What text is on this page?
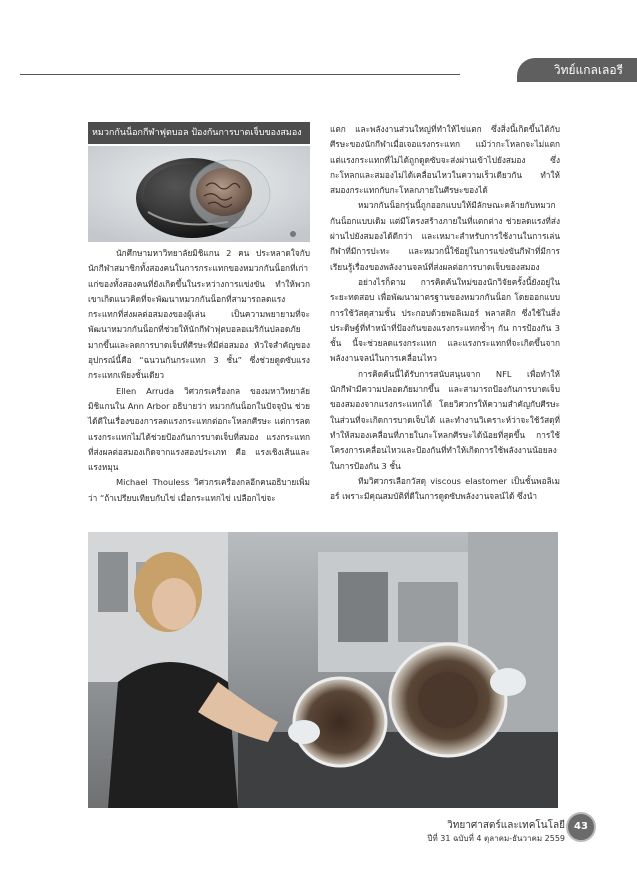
วิทย์แกลเลอรี
หมวกกันน็อกกีฬาฟุตบอล ป้องกันการบาดเจ็บของสมอง

นักศึกษามหาวิทยาลัยมิชิแกน 2 คน ประหลาดใจกับนักกีฬาสมาชิกทั้งสองคนในการกระแทกของหมวกกันน็อกที่เก่าแก่ของทั้งสองคนที่ยังเกิดขึ้นในระหว่างการแข่งขัน ทำให้พวกเขาเกิดแนวคิดที่จะพัฒนาหมวกกันน็อกที่สามารถลดแรงกระแทกที่ส่งผลต่อสมองของผู้เล่น เป็นความพยายามที่จะพัฒนาหมวกกันน็อกที่ช่วยให้นักกีฬาฟุตบอลอเมริกันปลอดภัยมากขึ้นและลดการบาดเจ็บที่ศีรษะที่มีต่อสมอง หัวใจสำคัญของอุปกรณ์นี้คือ “ฉนวนกันกระแทก 3 ชั้น” ซึ่งช่วยดูดซับแรงกระแทกเพียงชั้นเดียว

Ellen Arruda วิศวกรเครื่องกล ของมหาวิทยาลัยมิชิแกนใน Ann Arbor อธิบายว่า หมวกกันน็อกในปัจจุบัน ช่วยได้ดีในเรื่องของการลดแรงกระแทกต่อกะโหลกศีรษะ แต่การลดแรงกระแทกไม่ได้ช่วยป้องกันการบาดเจ็บที่สมอง แรงกระแทกที่ส่งผลต่อสมองเกิดจากแรงสองประเภท คือ แรงเชิงเส้นและแรงหมุน

Michael Thouless วิศวกรเครื่องกลอีกคนอธิบายเพิ่มว่า “ถ้าเปรียบเทียบกับไข่ เมื่อกระแทกไข่ เปลือกไข่จะ

แตก และพลังงานส่วนใหญ่ที่ทำให้ไข่แตก ซึ่งสิ่งนี้เกิดขึ้นได้กับศีรษะของนักกีฬาเมื่อเจอแรงกระแทก แม้ว่ากะโหลกจะไม่แตก แต่แรงกระแทกที่ไม่ได้ถูกดูดซับจะส่งผ่านเข้าไปยังสมอง ซึ่งกะโหลกและสมองไม่ได้เคลื่อนไหวในความเร็วเดียวกัน ทำให้สมองกระแทกกับกะโหลกภายในศีรษะของได้

หมวกกันน็อกรุ่นนี้ถูกออกแบบให้มีลักษณะคล้ายกับหมวกกันน็อกแบบเดิม แต่มีโครงสร้างภายในที่แตกต่าง ช่วยลดแรงที่ส่งผ่านไปยังสมองได้ดีกว่า และเหมาะสำหรับการใช้งานในการเล่นกีฬาที่มีการปะทะ และหมวกนี้ใช้อยู่ในการแข่งขันกีฬาที่มีการเรียนรู้เรื่องของพลังงานจลน์ที่ส่งผลต่อการบาดเจ็บของสมอง

อย่างไรก็ตาม การคิดค้นใหม่ของนักวิจัยครั้งนี้ยังอยู่ในระยะทดสอบ เพื่อพัฒนามาตรฐานของหมวกกันน็อก โดยออกแบบการใช้วัสดุสามชั้น ประกอบด้วยพอลิเมอร์ พลาสติก ซึ่งใช้ในสิ่งประดิษฐ์ที่ทำหน้าที่ป้องกันของแรงกระแทกซ้ำๆ กัน การป้องกัน 3 ชั้น นี้จะช่วยลดแรงกระแทก และแรงกระแทกที่จะเกิดขึ้นจากพลังงานจลน์ในการเคลื่อนไหว

การคิดค้นนี้ได้รับการสนับสนุนจาก NFL เพื่อทำให้นักกีฬามีความปลอดภัยมากขึ้น และสามารถป้องกันการบาดเจ็บของสมองจากแรงกระแทกได้ โดยวิศวกรให้ความสำคัญกับศีรษะในส่วนที่จะเกิดการบาดเจ็บได้ และทำงานวิเคราะห์ว่าจะใช้วัสดุที่ทำให้สมองเคลื่อนที่ภายในกะโหลกศีรษะได้น้อยที่สุดขึ้น การใช้โครงการเคลื่อนไหวและป้องกันที่ทำให้เกิดการใช้พลังงานน้อยลงในการป้องกัน 3 ชั้น

ทีมวิศวกรเลือกวัสดุ viscous elastomer เป็นชั้นพอลิเมอร์ เพราะมีคุณสมบัติที่ดีในการดูดซับพลังงานจลน์ได้ ซึ่งนำ

วิทยาศาสตร์และเทคโนโลยี
ปีที่ 31 ฉบับที่ 4 ตุลาคม-ธันวาคม 2559
43
